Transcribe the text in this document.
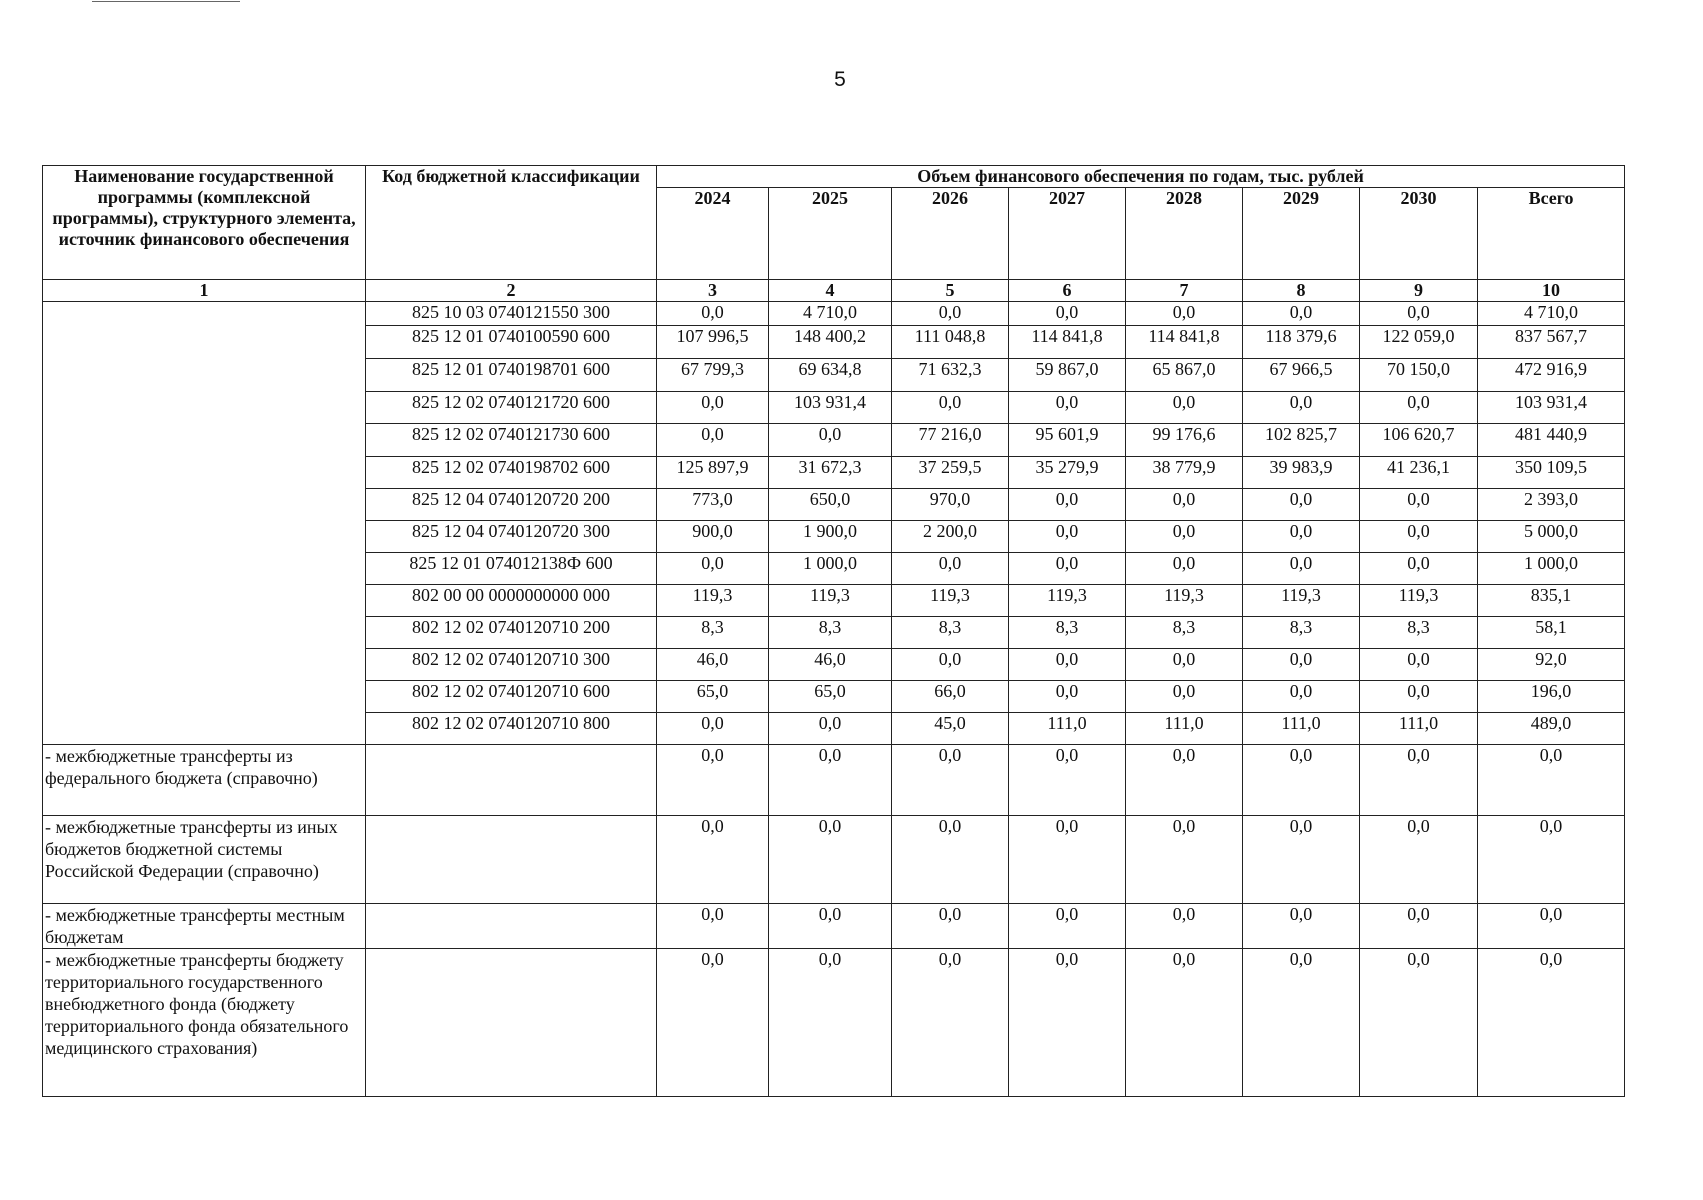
5
Наименование государственной программы (комплексной программы), структурного элемента, источник финансового обеспечения	Код бюджетной классификации	Объем финансового обеспечения по годам, тыс. рублей							
		2024	2025	2026	2027	2028	2029	2030	Всего
1	2	3	4	5	6	7	8	9	10
	825 10 03 0740121550 300	0,0	4 710,0	0,0	0,0	0,0	0,0	0,0	4 710,0
	825 12 01 0740100590 600	107 996,5	148 400,2	111 048,8	114 841,8	114 841,8	118 379,6	122 059,0	837 567,7
	825 12 01 0740198701 600	67 799,3	69 634,8	71 632,3	59 867,0	65 867,0	67 966,5	70 150,0	472 916,9
	825 12 02 0740121720 600	0,0	103 931,4	0,0	0,0	0,0	0,0	0,0	103 931,4
	825 12 02 0740121730 600	0,0	0,0	77 216,0	95 601,9	99 176,6	102 825,7	106 620,7	481 440,9
	825 12 02 0740198702 600	125 897,9	31 672,3	37 259,5	35 279,9	38 779,9	39 983,9	41 236,1	350 109,5
	825 12 04 0740120720 200	773,0	650,0	970,0	0,0	0,0	0,0	0,0	2 393,0
	825 12 04 0740120720 300	900,0	1 900,0	2 200,0	0,0	0,0	0,0	0,0	5 000,0
	825 12 01 074012138Ф 600	0,0	1 000,0	0,0	0,0	0,0	0,0	0,0	1 000,0
	802 00 00 0000000000 000	119,3	119,3	119,3	119,3	119,3	119,3	119,3	835,1
	802 12 02 0740120710 200	8,3	8,3	8,3	8,3	8,3	8,3	8,3	58,1
	802 12 02 0740120710 300	46,0	46,0	0,0	0,0	0,0	0,0	0,0	92,0
	802 12 02 0740120710 600	65,0	65,0	66,0	0,0	0,0	0,0	0,0	196,0
	802 12 02 0740120710 800	0,0	0,0	45,0	111,0	111,0	111,0	111,0	489,0
- межбюджетные трансферты из федерального бюджета (справочно)		0,0	0,0	0,0	0,0	0,0	0,0	0,0	0,0
- межбюджетные трансферты из иных бюджетов бюджетной системы Российской Федерации (справочно)		0,0	0,0	0,0	0,0	0,0	0,0	0,0	0,0
- межбюджетные трансферты местным бюджетам		0,0	0,0	0,0	0,0	0,0	0,0	0,0	0,0
- межбюджетные трансферты бюджету территориального государственного внебюджетного фонда (бюджету территориального фонда обязательного медицинского страхования)		0,0	0,0	0,0	0,0	0,0	0,0	0,0	0,0
